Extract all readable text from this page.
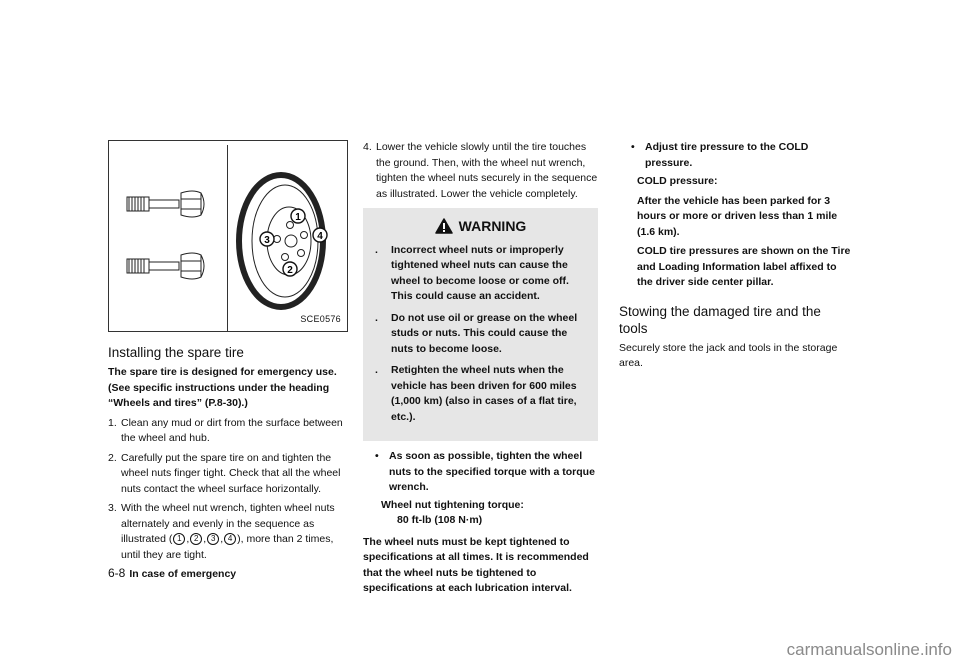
1
4
3
2
SCE0576
Installing the spare tire

The spare tire is designed for emergency use. (See specific instructions under the heading “Wheels and tires” (P.8-30).)

1. Clean any mud or dirt from the surface between the wheel and hub.
2. Carefully put the spare tire on and tighten the wheel nuts finger tight. Check that all the wheel nuts contact the wheel surface horizontally.
3. With the wheel nut wrench, tighten wheel nuts alternately and evenly in the sequence as illustrated ( 1 , 2 , 3 , 4 ), more than 2 times, until they are tight.
4. Lower the vehicle slowly until the tire touches the ground. Then, with the wheel nut wrench, tighten the wheel nuts securely in the sequence as illustrated. Lower the vehicle completely.
WARNING
. Incorrect wheel nuts or improperly tightened wheel nuts can cause the wheel to become loose or come off. This could cause an accident.
. Do not use oil or grease on the wheel studs or nuts. This could cause the nuts to become loose.
. Retighten the wheel nuts when the vehicle has been driven for 600 miles (1,000 km) (also in cases of a flat tire, etc.).
• As soon as possible, tighten the wheel nuts to the specified torque with a torque wrench.
Wheel nut tightening torque:
80 ft-lb (108 N·m)

The wheel nuts must be kept tightened to specifications at all times. It is recommended that the wheel nuts be tightened to specifications at each lubrication interval.

• Adjust tire pressure to the COLD pressure.
COLD pressure:
After the vehicle has been parked for 3 hours or more or driven less than 1 mile (1.6 km).
COLD tire pressures are shown on the Tire and Loading Information label affixed to the driver side center pillar.
Stowing the damaged tire and the tools

Securely store the jack and tools in the storage area.

6-8 In case of emergency
carmanualsonline.info
